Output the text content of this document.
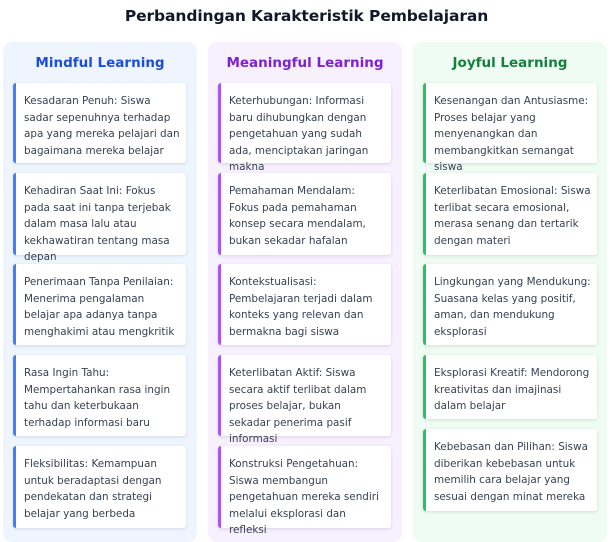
Perbandingan Karakteristik Pembelajaran
Mindful Learning
Kesadaran Penuh: Siswa sadar sepenuhnya terhadap apa yang mereka pelajari dan bagaimana mereka belajar
Kehadiran Saat Ini: Fokus pada saat ini tanpa terjebak dalam masa lalu atau kekhawatiran tentang masa depan
Penerimaan Tanpa Penilaian: Menerima pengalaman belajar apa adanya tanpa menghakimi atau mengkritik
Rasa Ingin Tahu: Mempertahankan rasa ingin tahu dan keterbukaan terhadap informasi baru
Fleksibilitas: Kemampuan untuk beradaptasi dengan pendekatan dan strategi belajar yang berbeda
Meaningful Learning
Keterhubungan: Informasi baru dihubungkan dengan pengetahuan yang sudah ada, menciptakan jaringan makna
Pemahaman Mendalam: Fokus pada pemahaman konsep secara mendalam, bukan sekadar hafalan
Kontekstualisasi: Pembelajaran terjadi dalam konteks yang relevan dan bermakna bagi siswa
Keterlibatan Aktif: Siswa secara aktif terlibat dalam proses belajar, bukan sekadar penerima pasif informasi
Konstruksi Pengetahuan: Siswa membangun pengetahuan mereka sendiri melalui eksplorasi dan refleksi
Joyful Learning
Kesenangan dan Antusiasme: Proses belajar yang menyenangkan dan membangkitkan semangat siswa
Keterlibatan Emosional: Siswa terlibat secara emosional, merasa senang dan tertarik dengan materi
Lingkungan yang Mendukung: Suasana kelas yang positif, aman, dan mendukung eksplorasi
Eksplorasi Kreatif: Mendorong kreativitas dan imajinasi dalam belajar
Kebebasan dan Pilihan: Siswa diberikan kebebasan untuk memilih cara belajar yang sesuai dengan minat mereka
